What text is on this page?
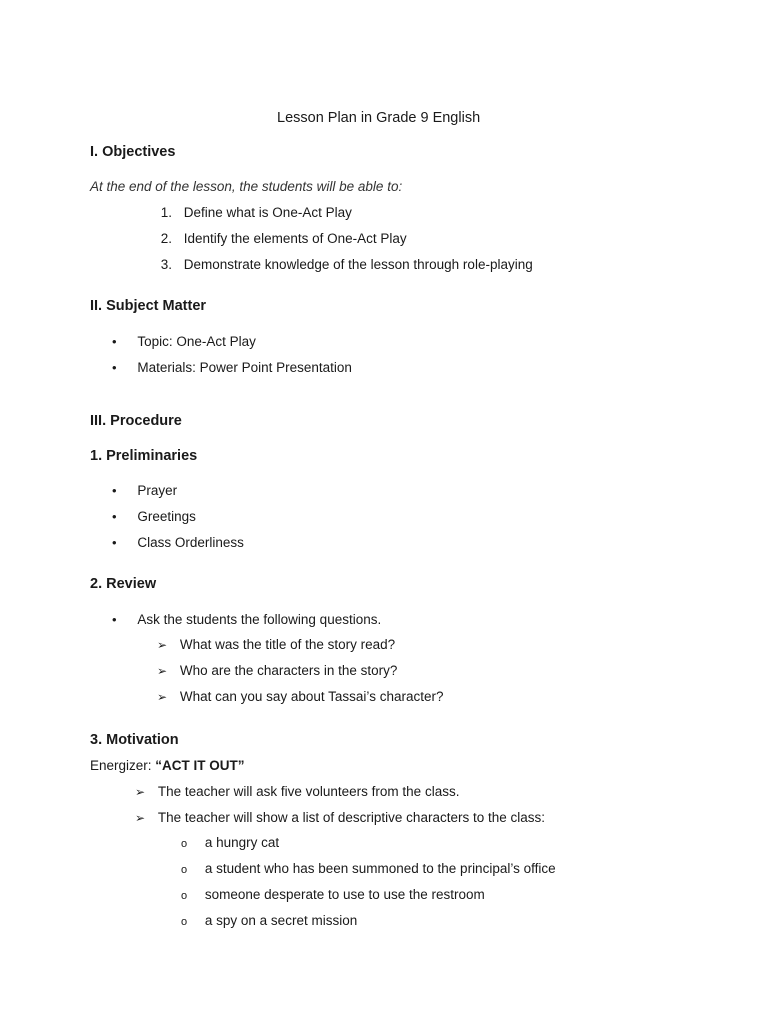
Lesson Plan in Grade 9 English
I. Objectives
At the end of the lesson, the students will be able to:
1. Define what is One-Act Play
2. Identify the elements of One-Act Play
3. Demonstrate knowledge of the lesson through role-playing
II. Subject Matter
• Topic: One-Act Play
• Materials: Power Point Presentation
III. Procedure
1. Preliminaries
• Prayer
• Greetings
• Class Orderliness
2. Review
• Ask the students the following questions.
➢ What was the title of the story read?
➢ Who are the characters in the story?
➢ What can you say about Tassai’s character?
3. Motivation
Energizer: “ACT IT OUT”
➢ The teacher will ask five volunteers from the class.
➢ The teacher will show a list of descriptive characters to the class:
o a hungry cat
o a student who has been summoned to the principal’s office
o someone desperate to use to use the restroom
o a spy on a secret mission
